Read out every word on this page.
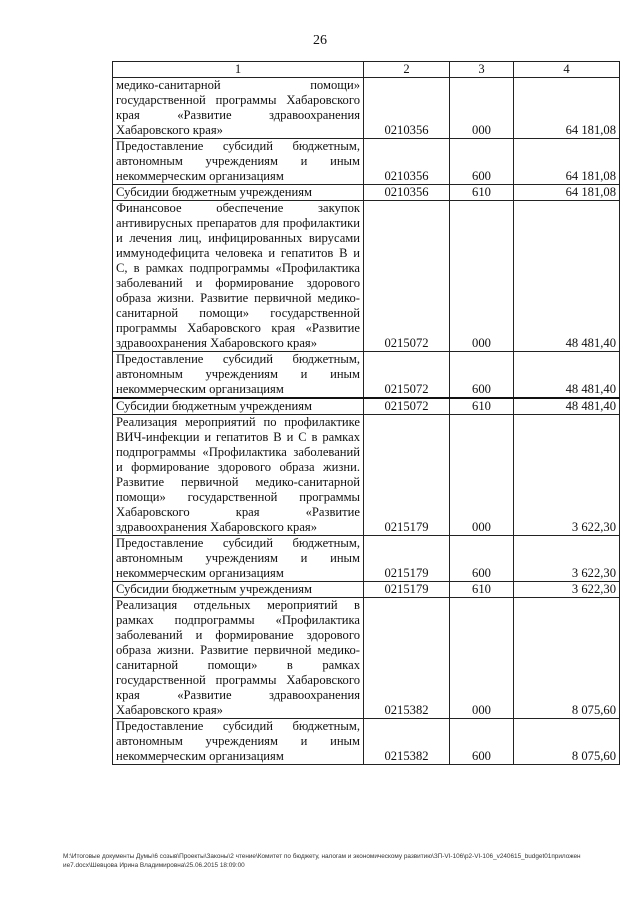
26
1	2	3	4
медико-санитарной помощи» государственной программы Хабаровского края «Развитие здравоохранения Хабаровского края»	0210356	000	64 181,08
Предоставление субсидий бюджетным, автономным учреждениям и иным некоммерческим организациям	0210356	600	64 181,08
Субсидии бюджетным учреждениям	0210356	610	64 181,08
Финансовое обеспечение закупок антивирусных препаратов для профилактики и лечения лиц, инфицированных вирусами иммунодефицита человека и гепатитов В и С, в рамках подпрограммы «Профилактика заболеваний и формирование здорового образа жизни. Развитие первичной медико-санитарной помощи» государственной программы Хабаровского края «Развитие здравоохранения Хабаровского края»	0215072	000	48 481,40
Предоставление субсидий бюджетным, автономным учреждениям и иным некоммерческим организациям	0215072	600	48 481,40
Субсидии бюджетным учреждениям	0215072	610	48 481,40
Реализация мероприятий по профилактике ВИЧ-инфекции и гепатитов В и С в рамках подпрограммы «Профилактика заболеваний и формирование здорового образа жизни. Развитие первичной медико-санитарной помощи» государственной программы Хабаровского края «Развитие здравоохранения Хабаровского края»	0215179	000	3 622,30
Предоставление субсидий бюджетным, автономным учреждениям и иным некоммерческим организациям	0215179	600	3 622,30
Субсидии бюджетным учреждениям	0215179	610	3 622,30
Реализация отдельных мероприятий в рамках подпрограммы «Профилактика заболеваний и формирование здорового образа жизни. Развитие первичной медико-санитарной помощи» в рамках государственной программы Хабаровского края «Развитие здравоохранения Хабаровского края»	0215382	000	8 075,60
Предоставление субсидий бюджетным, автономным учреждениям и иным некоммерческим организациям	0215382	600	8 075,60
M:\Итоговые документы Думы\6 созыв\Проекты\Законы\2 чтение\Комитет по бюджету, налогам и экономическому развитию\ЗП-VI-106\р2-VI-106_v240615_budget01приложение7.docx\Шевцова Ирина Владимировна\25.06.2015 18:09:00
